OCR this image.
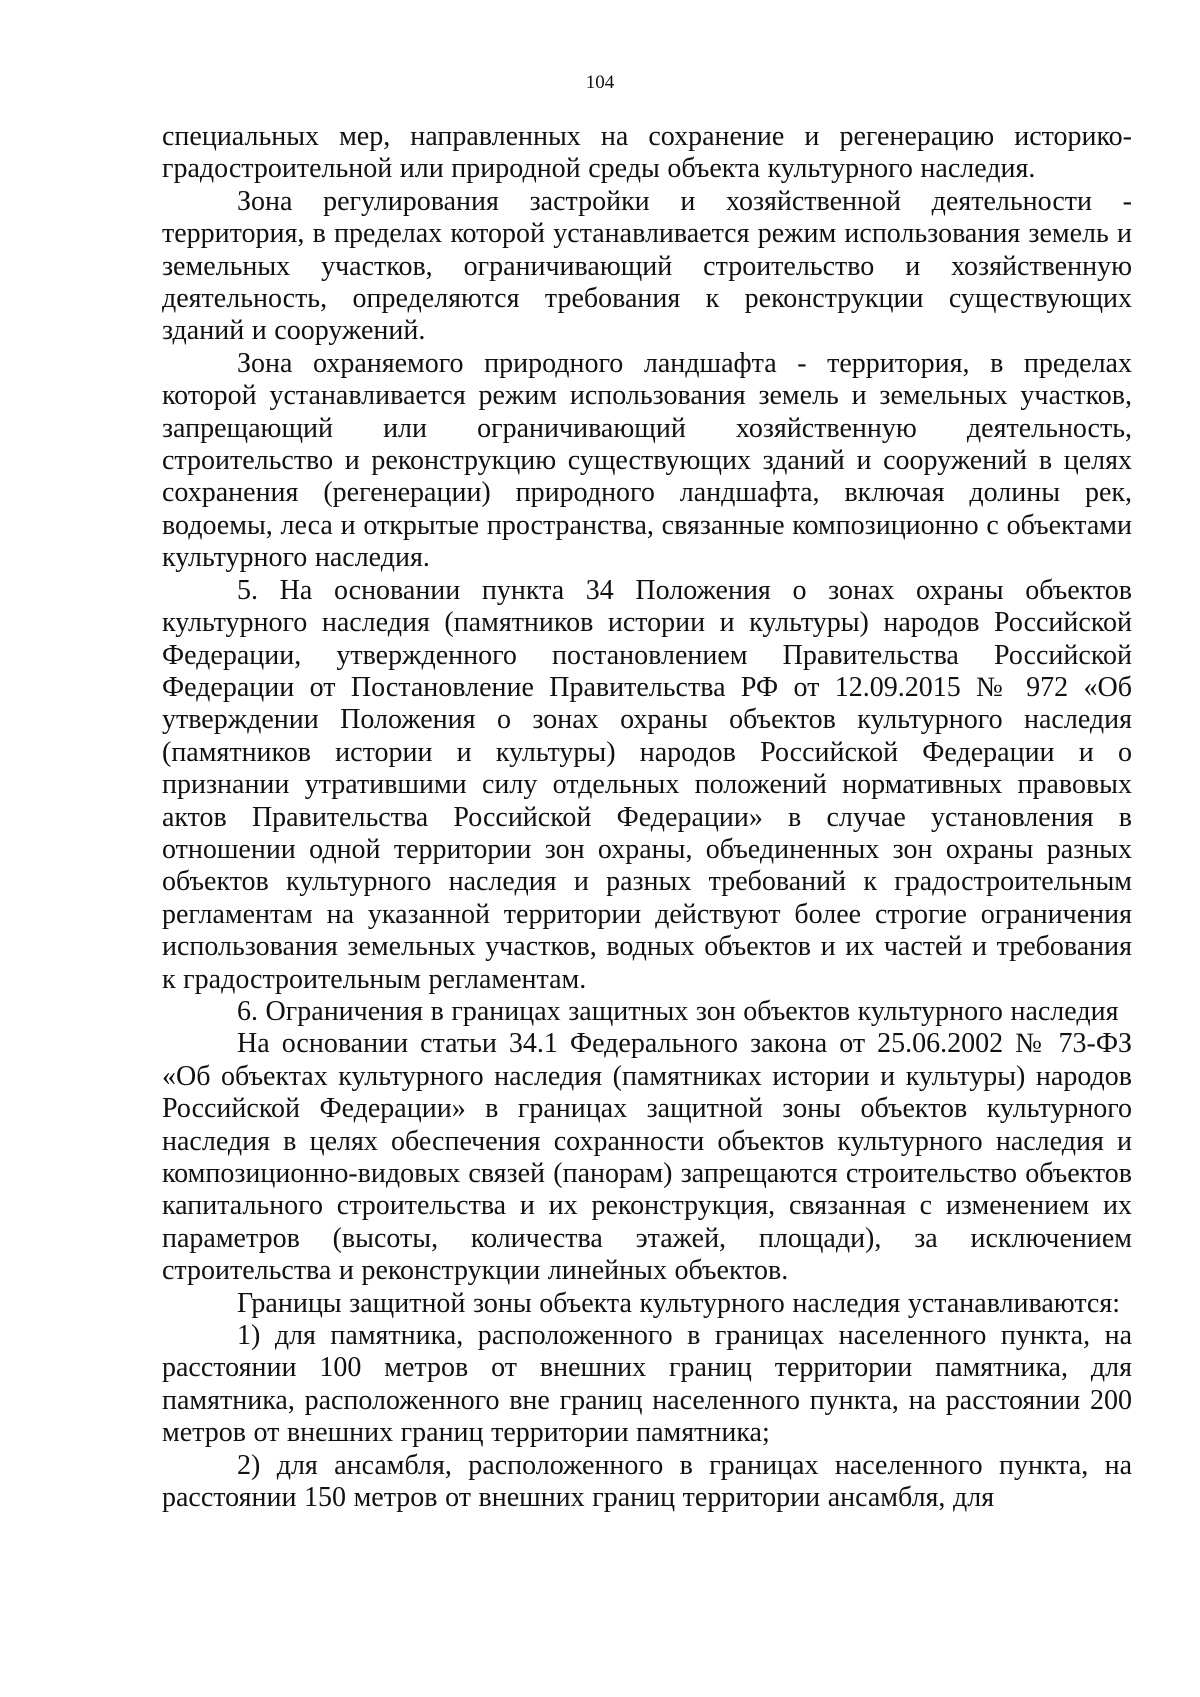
104

специальных мер, направленных на сохранение и регенерацию историко-градостроительной или природной среды объекта культурного наследия.

Зона регулирования застройки и хозяйственной деятельности - территория, в пределах которой устанавливается режим использования земель и земельных участков, ограничивающий строительство и хозяйственную деятельность, определяются требования к реконструкции существующих зданий и сооружений.

Зона охраняемого природного ландшафта - территория, в пределах которой устанавливается режим использования земель и земельных участков, запрещающий или ограничивающий хозяйственную деятельность, строительство и реконструкцию существующих зданий и сооружений в целях сохранения (регенерации) природного ландшафта, включая долины рек, водоемы, леса и открытые пространства, связанные композиционно с объектами культурного наследия.

5. На основании пункта 34 Положения о зонах охраны объектов культурного наследия (памятников истории и культуры) народов Российской Федерации, утвержденного постановлением Правительства Российской Федерации от Постановление Правительства РФ от 12.09.2015 № 972 «Об утверждении Положения о зонах охраны объектов культурного наследия (памятников истории и культуры) народов Российской Федерации и о признании утратившими силу отдельных положений нормативных правовых актов Правительства Российской Федерации» в случае установления в отношении одной территории зон охраны, объединенных зон охраны разных объектов культурного наследия и разных требований к градостроительным регламентам на указанной территории действуют более строгие ограничения использования земельных участков, водных объектов и их частей и требования к градостроительным регламентам.

6. Ограничения в границах защитных зон объектов культурного наследия

На основании статьи 34.1 Федерального закона от 25.06.2002 № 73-ФЗ «Об объектах культурного наследия (памятниках истории и культуры) народов Российской Федерации» в границах защитной зоны объектов культурного наследия в целях обеспечения сохранности объектов культурного наследия и композиционно-видовых связей (панорам) запрещаются строительство объектов капитального строительства и их реконструкция, связанная с изменением их параметров (высоты, количества этажей, площади), за исключением строительства и реконструкции линейных объектов.

Границы защитной зоны объекта культурного наследия устанавливаются:

1) для памятника, расположенного в границах населенного пункта, на расстоянии 100 метров от внешних границ территории памятника, для памятника, расположенного вне границ населенного пункта, на расстоянии 200 метров от внешних границ территории памятника;

2) для ансамбля, расположенного в границах населенного пункта, на расстоянии 150 метров от внешних границ территории ансамбля, для
